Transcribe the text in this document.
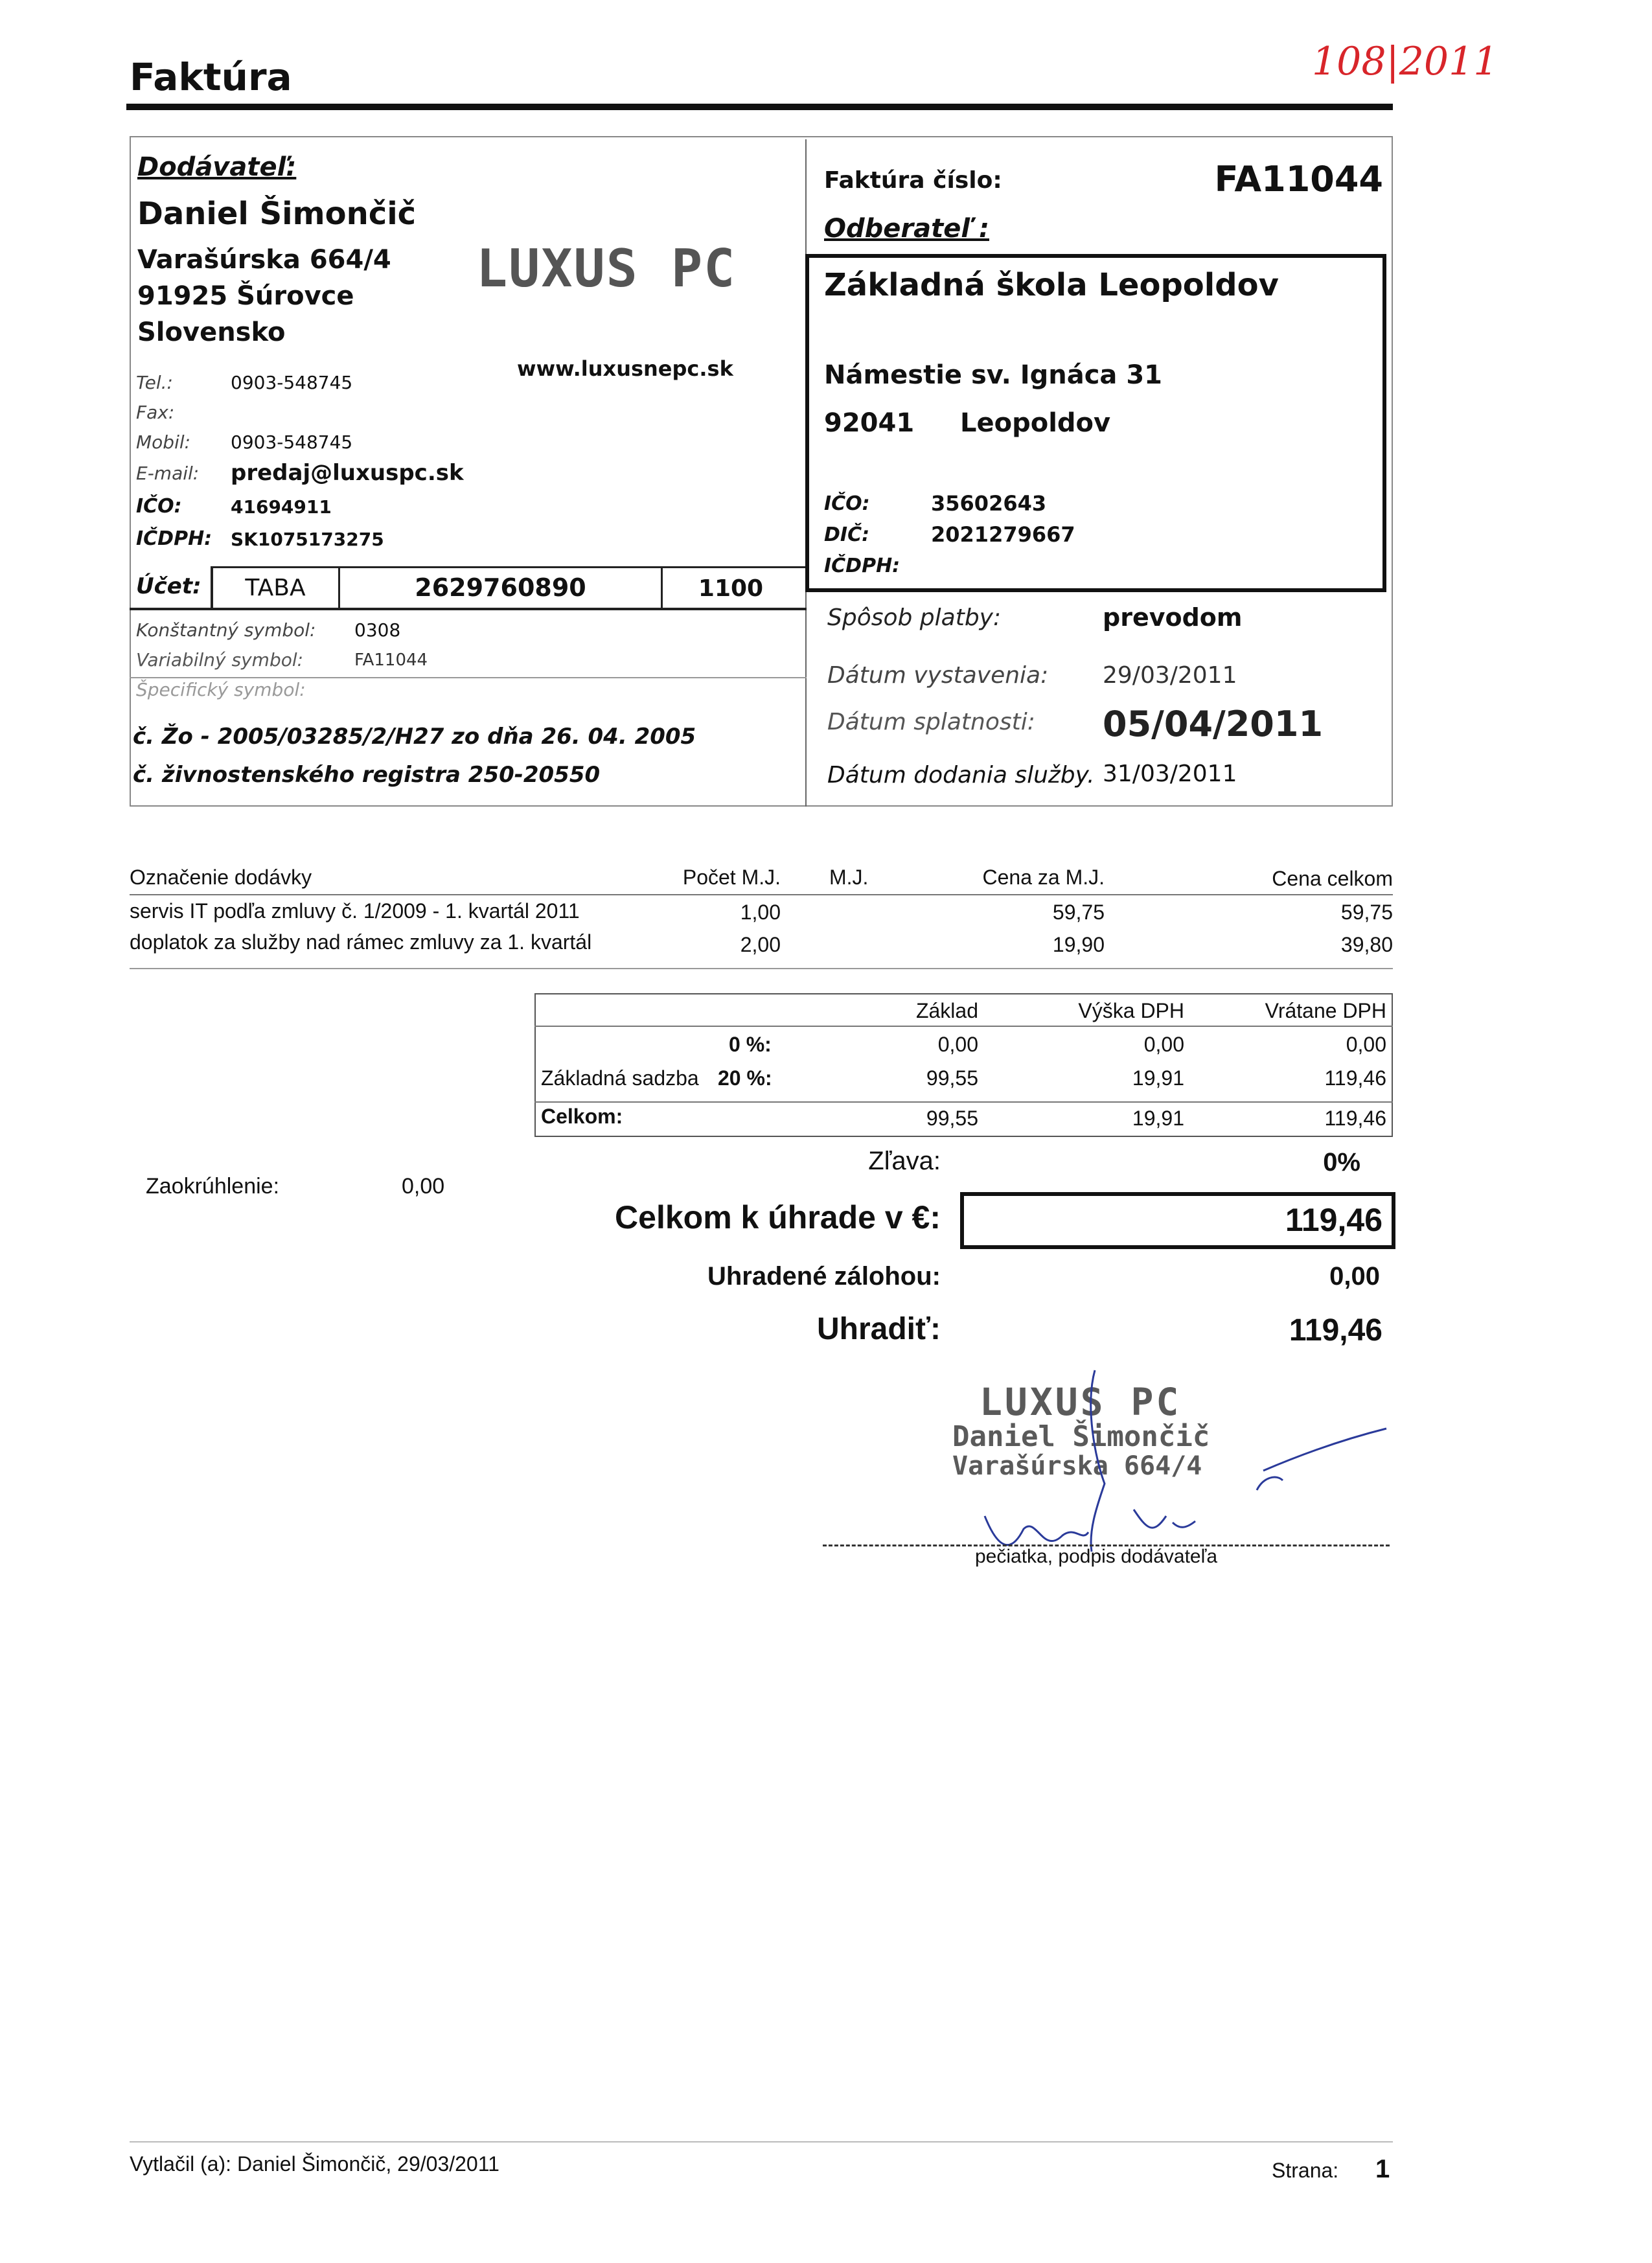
Faktúra	108|2011
Dodávateľ:
Daniel Šimončič
Varašúrska 664/4
91925 Šúrovce
Slovensko
LUXUS PC
www.luxusnepc.sk
Tel.:	0903-548745
Fax:
Mobil: 0903-548745
E-mail: predaj@luxuspc.sk
IČO:	41694911
IČDPH: SK1075173275
Účet:	TABA	2629760890	1100
Konštantný symbol: 0308
Variabilný symbol:	FA11044
Špecifický symbol:
č. Žo - 2005/03285/2/H27 zo dňa 26. 04. 2005
č. živnostenského registra 250-20550
Faktúra číslo:	FA11044
Odberateľ :
Základná škola Leopoldov
Námestie sv. Ignáca 31
92041 Leopoldov
IČO:	35602643
DIČ:	2021279667
IČDPH:
Spôsob platby:	prevodom
Dátum vystavenia: 29/03/2011
Dátum splatnosti: 05/04/2011
Dátum dodania služby. 31/03/2011
Označenie dodávky	Počet M.J. M.J.	Cena za M.J.	Cena celkom
servis IT podľa zmluvy č. 1/2009 - 1. kvartál 2011	1,00	59,75	59,75
doplatok za služby nad rámec zmluvy za 1. kvartál	2,00	19,90	39,80
Základ	Výška DPH	Vrátane DPH
0 %:	0,00	0,00	0,00
Základná sadzba 20 %:	99,55	19,91	119,46
Celkom:	99,55	19,91	119,46
Zaokrúhlenie:	0,00
Zľava:	0%
Celkom k úhrade v €:	119,46
Uhradené zálohou:	0,00
Uhradiť:	119,46
LUXUS PC
Daniel Šimončič
Varašúrska 664/4
pečiatka, podpis dodávateľa
Vytlačil (a): Daniel Šimončič, 29/03/2011	Strana: 1
